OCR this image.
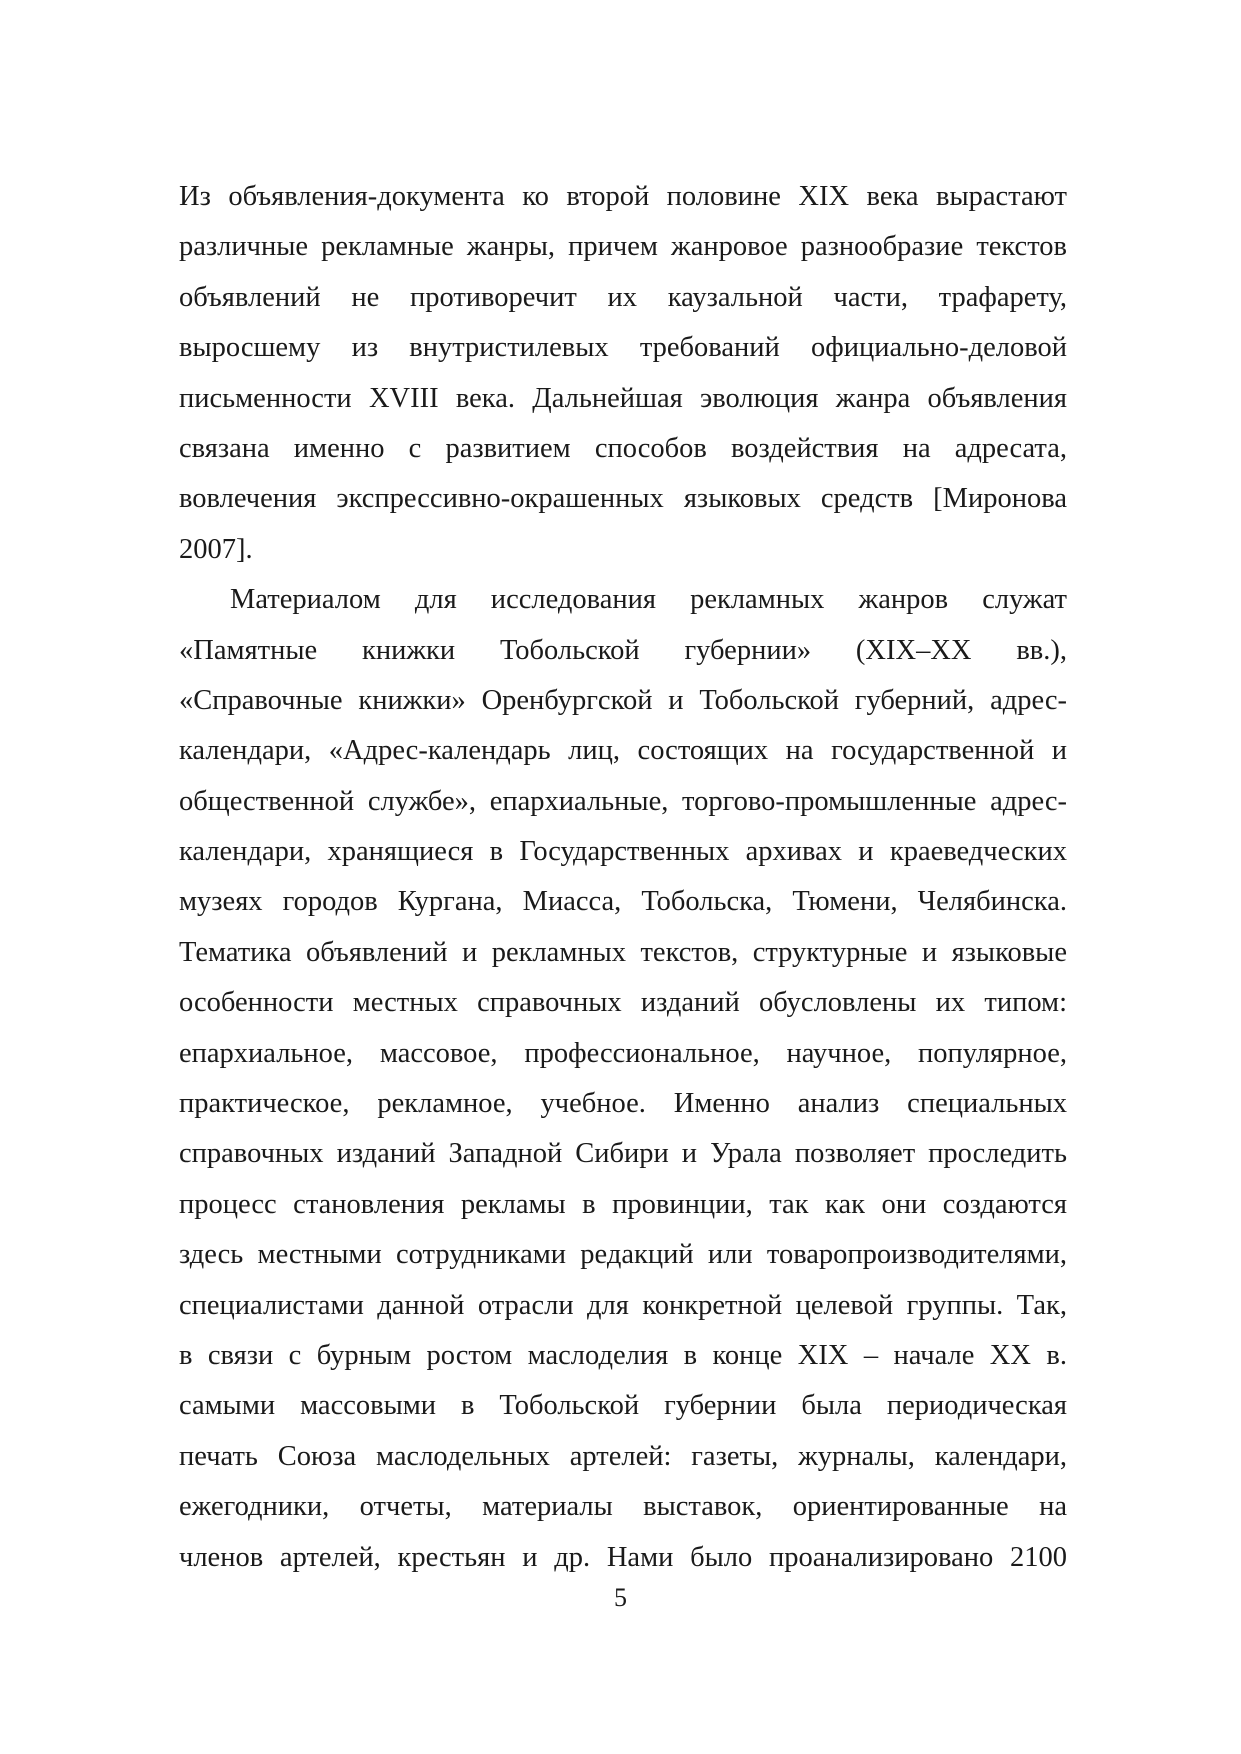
Из объявления-документа ко второй половине XIX века вырастают
различные рекламные жанры, причем жанровое разнообразие текстов
объявлений не противоречит их каузальной части, трафарету,
выросшему из внутристилевых требований официально-деловой
письменности XVIII века. Дальнейшая эволюция жанра объявления
связана именно с развитием способов воздействия на адресата,
вовлечения экспрессивно-окрашенных языковых средств [Миронова
2007].
Материалом для исследования рекламных жанров служат
«Памятные книжки Тобольской губернии» (XIX–XX вв.),
«Справочные книжки» Оренбургской и Тобольской губерний, адрес-
календари, «Адрес-календарь лиц, состоящих на государственной и
общественной службе», епархиальные, торгово-промышленные адрес-
календари, хранящиеся в Государственных архивах и краеведческих
музеях городов Кургана, Миасса, Тобольска, Тюмени, Челябинска.
Тематика объявлений и рекламных текстов, структурные и языковые
особенности местных справочных изданий обусловлены их типом:
епархиальное, массовое, профессиональное, научное, популярное,
практическое, рекламное, учебное. Именно анализ специальных
справочных изданий Западной Сибири и Урала позволяет проследить
процесс становления рекламы в провинции, так как они создаются
здесь местными сотрудниками редакций или товаропроизводителями,
специалистами данной отрасли для конкретной целевой группы. Так,
в связи с бурным ростом маслоделия в конце XIX – начале XX в.
самыми массовыми в Тобольской губернии была периодическая
печать Союза маслодельных артелей: газеты, журналы, календари,
ежегодники, отчеты, материалы выставок, ориентированные на
членов артелей, крестьян и др. Нами было проанализировано 2100
5
